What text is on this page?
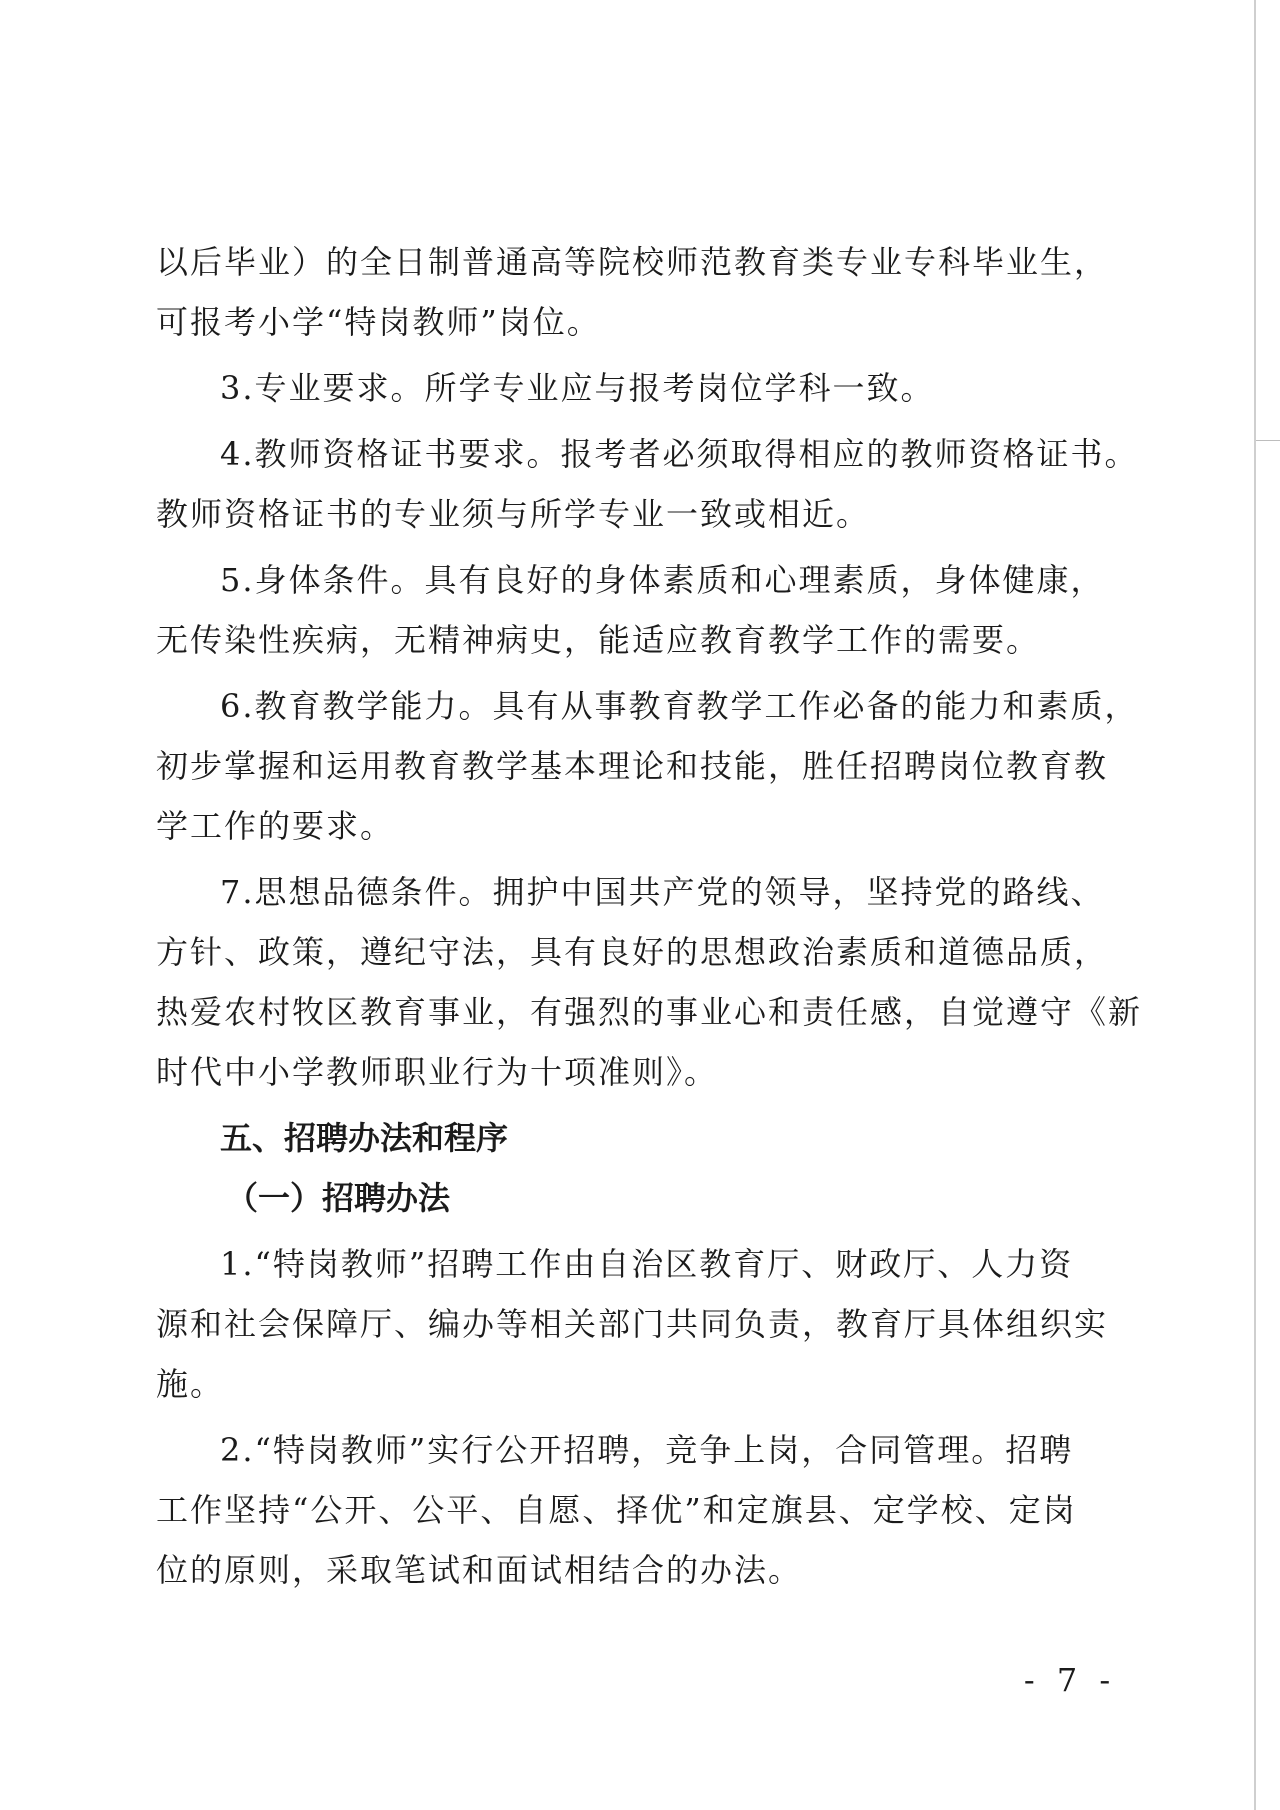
以后毕业）的全日制普通高等院校师范教育类专业专科毕业生，

可报考小学“特岗教师”岗位。

3.专业要求。所学专业应与报考岗位学科一致。

4.教师资格证书要求。报考者必须取得相应的教师资格证书。

教师资格证书的专业须与所学专业一致或相近。

5.身体条件。具有良好的身体素质和心理素质，身体健康，

无传染性疾病，无精神病史，能适应教育教学工作的需要。

6.教育教学能力。具有从事教育教学工作必备的能力和素质，

初步掌握和运用教育教学基本理论和技能，胜任招聘岗位教育教

学工作的要求。

7.思想品德条件。拥护中国共产党的领导，坚持党的路线、

方针、政策，遵纪守法，具有良好的思想政治素质和道德品质，

热爱农村牧区教育事业，有强烈的事业心和责任感，自觉遵守《新

时代中小学教师职业行为十项准则》。

五、招聘办法和程序

（一）招聘办法

1.“特岗教师”招聘工作由自治区教育厅、财政厅、人力资

源和社会保障厅、编办等相关部门共同负责，教育厅具体组织实

施。

2.“特岗教师”实行公开招聘，竞争上岗，合同管理。招聘

工作坚持“公开、公平、自愿、择优”和定旗县、定学校、定岗

位的原则，采取笔试和面试相结合的办法。

- 7 -
